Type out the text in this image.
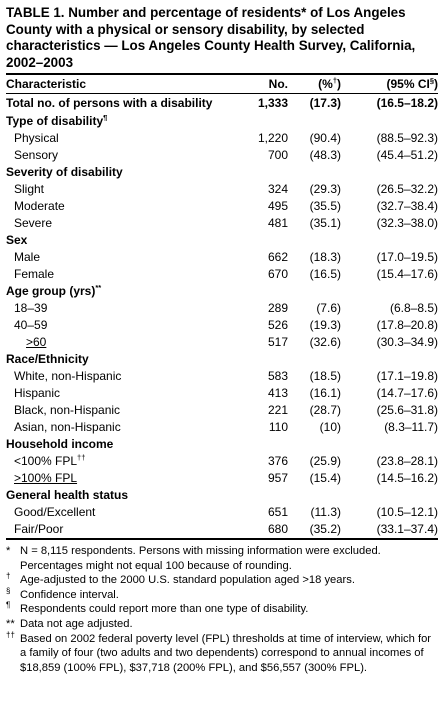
TABLE 1. Number and percentage of residents* of Los Angeles County with a physical or sensory disability, by selected characteristics — Los Angeles County Health Survey, California, 2002–2003
Characteristic	No.	(%†)	(95% CI§)
Total no. of persons with a disability	1,333	(17.3)	(16.5–18.2)
Type of disability¶
Physical	1,220	(90.4)	(88.5–92.3)
Sensory	700	(48.3)	(45.4–51.2)
Severity of disability			
Slight	324	(29.3)	(26.5–32.2)
Moderate	495	(35.5)	(32.7–38.4)
Severe	481	(35.1)	(32.3–38.0)
Sex			
Male	662	(18.3)	(17.0–19.5)
Female	670	(16.5)	(15.4–17.6)
Age group (yrs)**
18–39	289	(7.6)	(6.8–8.5)
40–59	526	(19.3)	(17.8–20.8)
>60	517	(32.6)	(30.3–34.9)
Race/Ethnicity			
White, non-Hispanic	583	(18.5)	(17.1–19.8)
Hispanic	413	(16.1)	(14.7–17.6)
Black, non-Hispanic	221	(28.7)	(25.6–31.8)
Asian, non-Hispanic	110	(10)	(8.3–11.7)
Household income			
<100% FPL††	376	(25.9)	(23.8–28.1)
>100% FPL	957	(15.4)	(14.5–16.2)
General health status			
Good/Excellent	651	(11.3)	(10.5–12.1)
Fair/Poor	680	(35.2)	(33.1–37.4)
* N = 8,115 respondents. Persons with missing information were excluded. Percentages might not equal 100 because of rounding.
† Age-adjusted to the 2000 U.S. standard population aged >18 years.
§ Confidence interval.
¶ Respondents could report more than one type of disability.
** Data not age adjusted.
†† Based on 2002 federal poverty level (FPL) thresholds at time of interview, which for a family of four (two adults and two dependents) correspond to annual incomes of $18,859 (100% FPL), $37,718 (200% FPL), and $56,557 (300% FPL).
